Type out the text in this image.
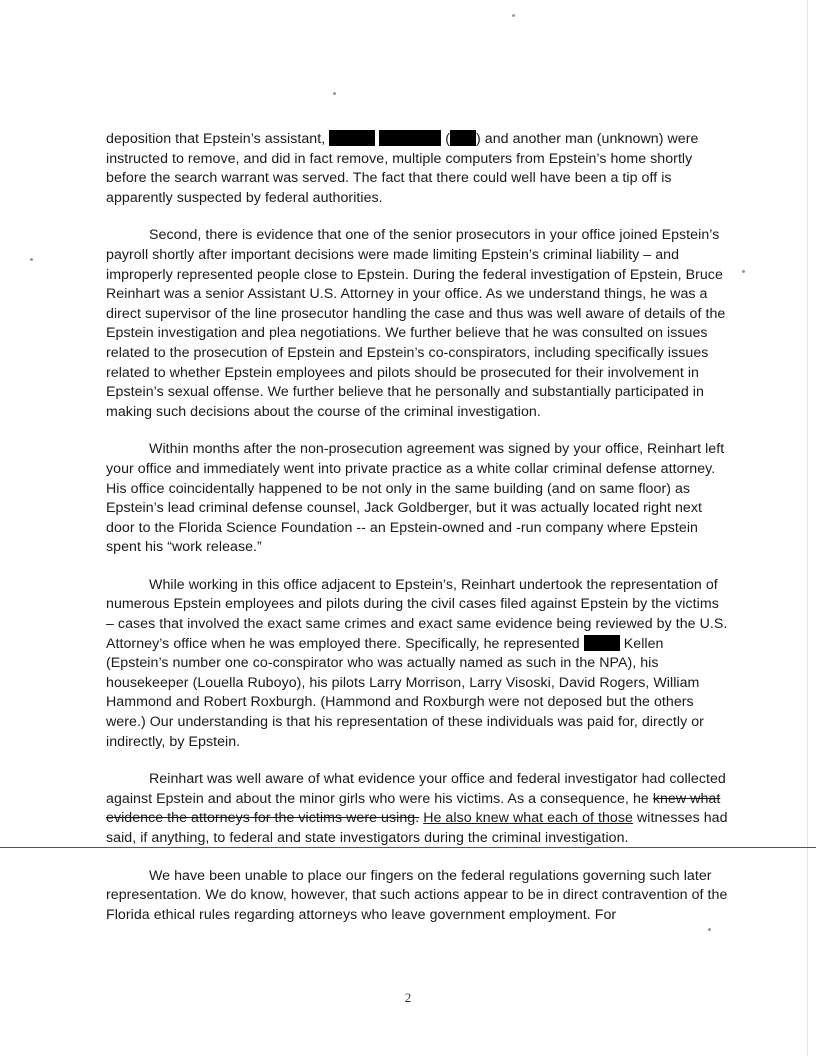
deposition that Epstein’s assistant,	( ) and another man (unknown) were instructed to remove, and did in fact remove, multiple computers from Epstein’s home shortly before the search warrant was served. The fact that there could well have been a tip off is apparently suspected by federal authorities.

Second, there is evidence that one of the senior prosecutors in your office joined Epstein’s payroll shortly after important decisions were made limiting Epstein’s criminal liability – and improperly represented people close to Epstein. During the federal investigation of Epstein, Bruce Reinhart was a senior Assistant U.S. Attorney in your office. As we understand things, he was a direct supervisor of the line prosecutor handling the case and thus was well aware of details of the Epstein investigation and plea negotiations. We further believe that he was consulted on issues related to the prosecution of Epstein and Epstein’s co-conspirators, including specifically issues related to whether Epstein employees and pilots should be prosecuted for their involvement in Epstein’s sexual offense. We further believe that he personally and substantially participated in making such decisions about the course of the criminal investigation.

Within months after the non-prosecution agreement was signed by your office, Reinhart left your office and immediately went into private practice as a white collar criminal defense attorney. His office coincidentally happened to be not only in the same building (and on same floor) as Epstein’s lead criminal defense counsel, Jack Goldberger, but it was actually located right next door to the Florida Science Foundation -- an Epstein-owned and -run company where Epstein spent his “work release.”

While working in this office adjacent to Epstein’s, Reinhart undertook the representation of numerous Epstein employees and pilots during the civil cases filed against Epstein by the victims – cases that involved the exact same crimes and exact same evidence being reviewed by the U.S. Attorney’s office when he was employed there. Specifically, he represented	Kellen (Epstein’s number one co-conspirator who was actually named as such in the NPA), his housekeeper (Louella Ruboyo), his pilots Larry Morrison, Larry Visoski, David Rogers, William Hammond and Robert Roxburgh. (Hammond and Roxburgh were not deposed but the others were.) Our understanding is that his representation of these individuals was paid for, directly or indirectly, by Epstein.

Reinhart was well aware of what evidence your office and federal investigator had collected against Epstein and about the minor girls who were his victims. As a consequence, he knew what evidence the attorneys for the victims were using. He also knew what each of those witnesses had said, if anything, to federal and state investigators during the criminal investigation.

We have been unable to place our fingers on the federal regulations governing such later representation. We do know, however, that such actions appear to be in direct contravention of the Florida ethical rules regarding attorneys who leave government employment. For

2
